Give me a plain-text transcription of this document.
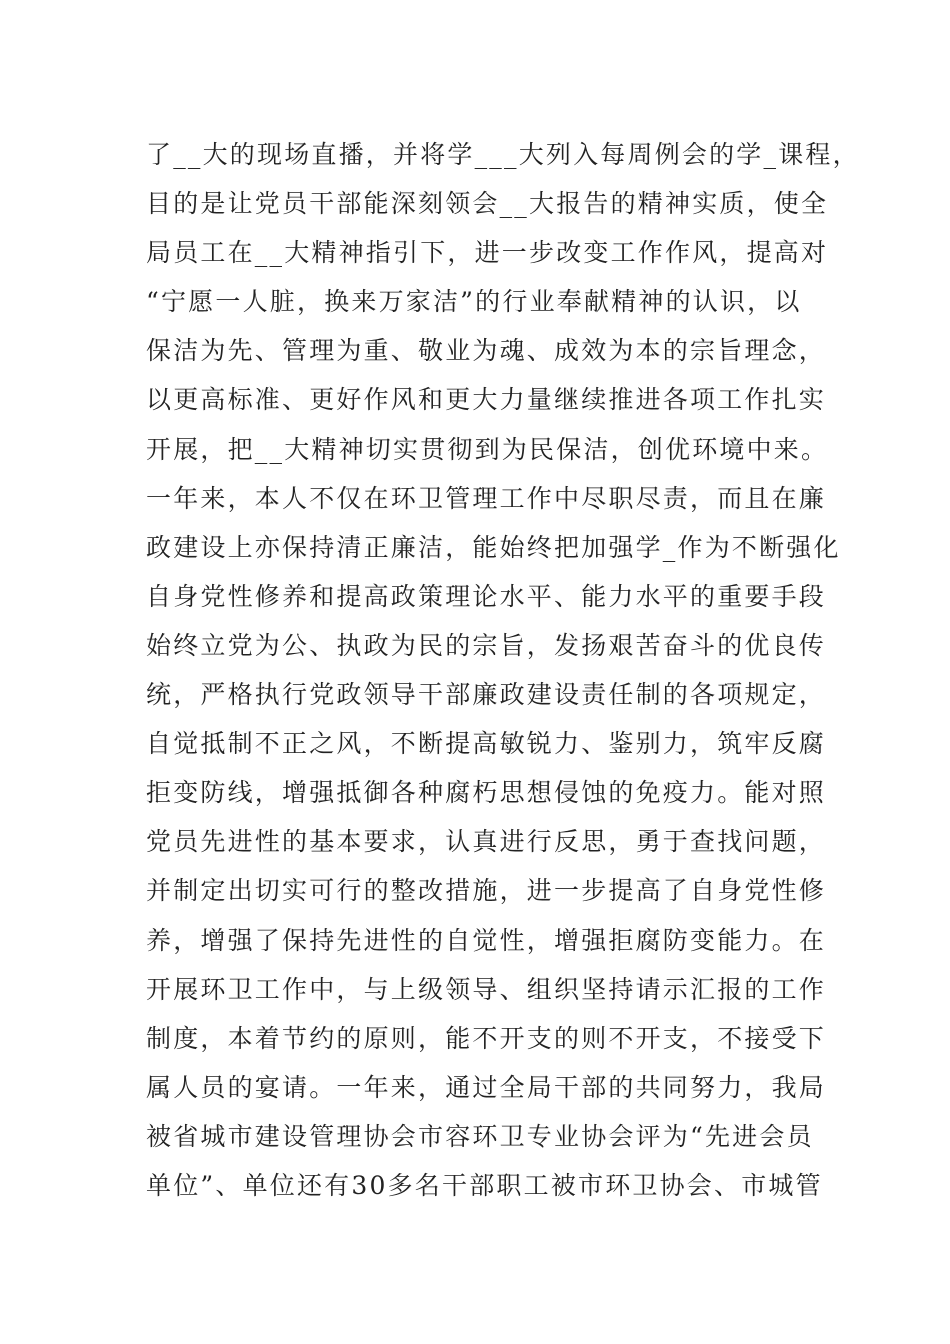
了__大的现场直播，并将学___大列入每周例会的学_课程，
目的是让党员干部能深刻领会__大报告的精神实质，使全
局员工在__大精神指引下，进一步改变工作作风，提高对
“宁愿一人脏，换来万家洁”的行业奉献精神的认识，以
保洁为先、管理为重、敬业为魂、成效为本的宗旨理念，
以更高标准、更好作风和更大力量继续推进各项工作扎实
开展，把__大精神切实贯彻到为民保洁，创优环境中来。
一年来，本人不仅在环卫管理工作中尽职尽责，而且在廉
政建设上亦保持清正廉洁，能始终把加强学_作为不断强化
自身党性修养和提高政策理论水平、能力水平的重要手段
始终立党为公、执政为民的宗旨，发扬艰苦奋斗的优良传
统，严格执行党政领导干部廉政建设责任制的各项规定，
自觉抵制不正之风，不断提高敏锐力、鉴别力，筑牢反腐
拒变防线，增强抵御各种腐朽思想侵蚀的免疫力。能对照
党员先进性的基本要求，认真进行反思，勇于查找问题，
并制定出切实可行的整改措施，进一步提高了自身党性修
养，增强了保持先进性的自觉性，增强拒腐防变能力。在
开展环卫工作中，与上级领导、组织坚持请示汇报的工作
制度，本着节约的原则，能不开支的则不开支，不接受下
属人员的宴请。一年来，通过全局干部的共同努力，我局
被省城市建设管理协会市容环卫专业协会评为“先进会员
单位”、单位还有30多名干部职工被市环卫协会、市城管
